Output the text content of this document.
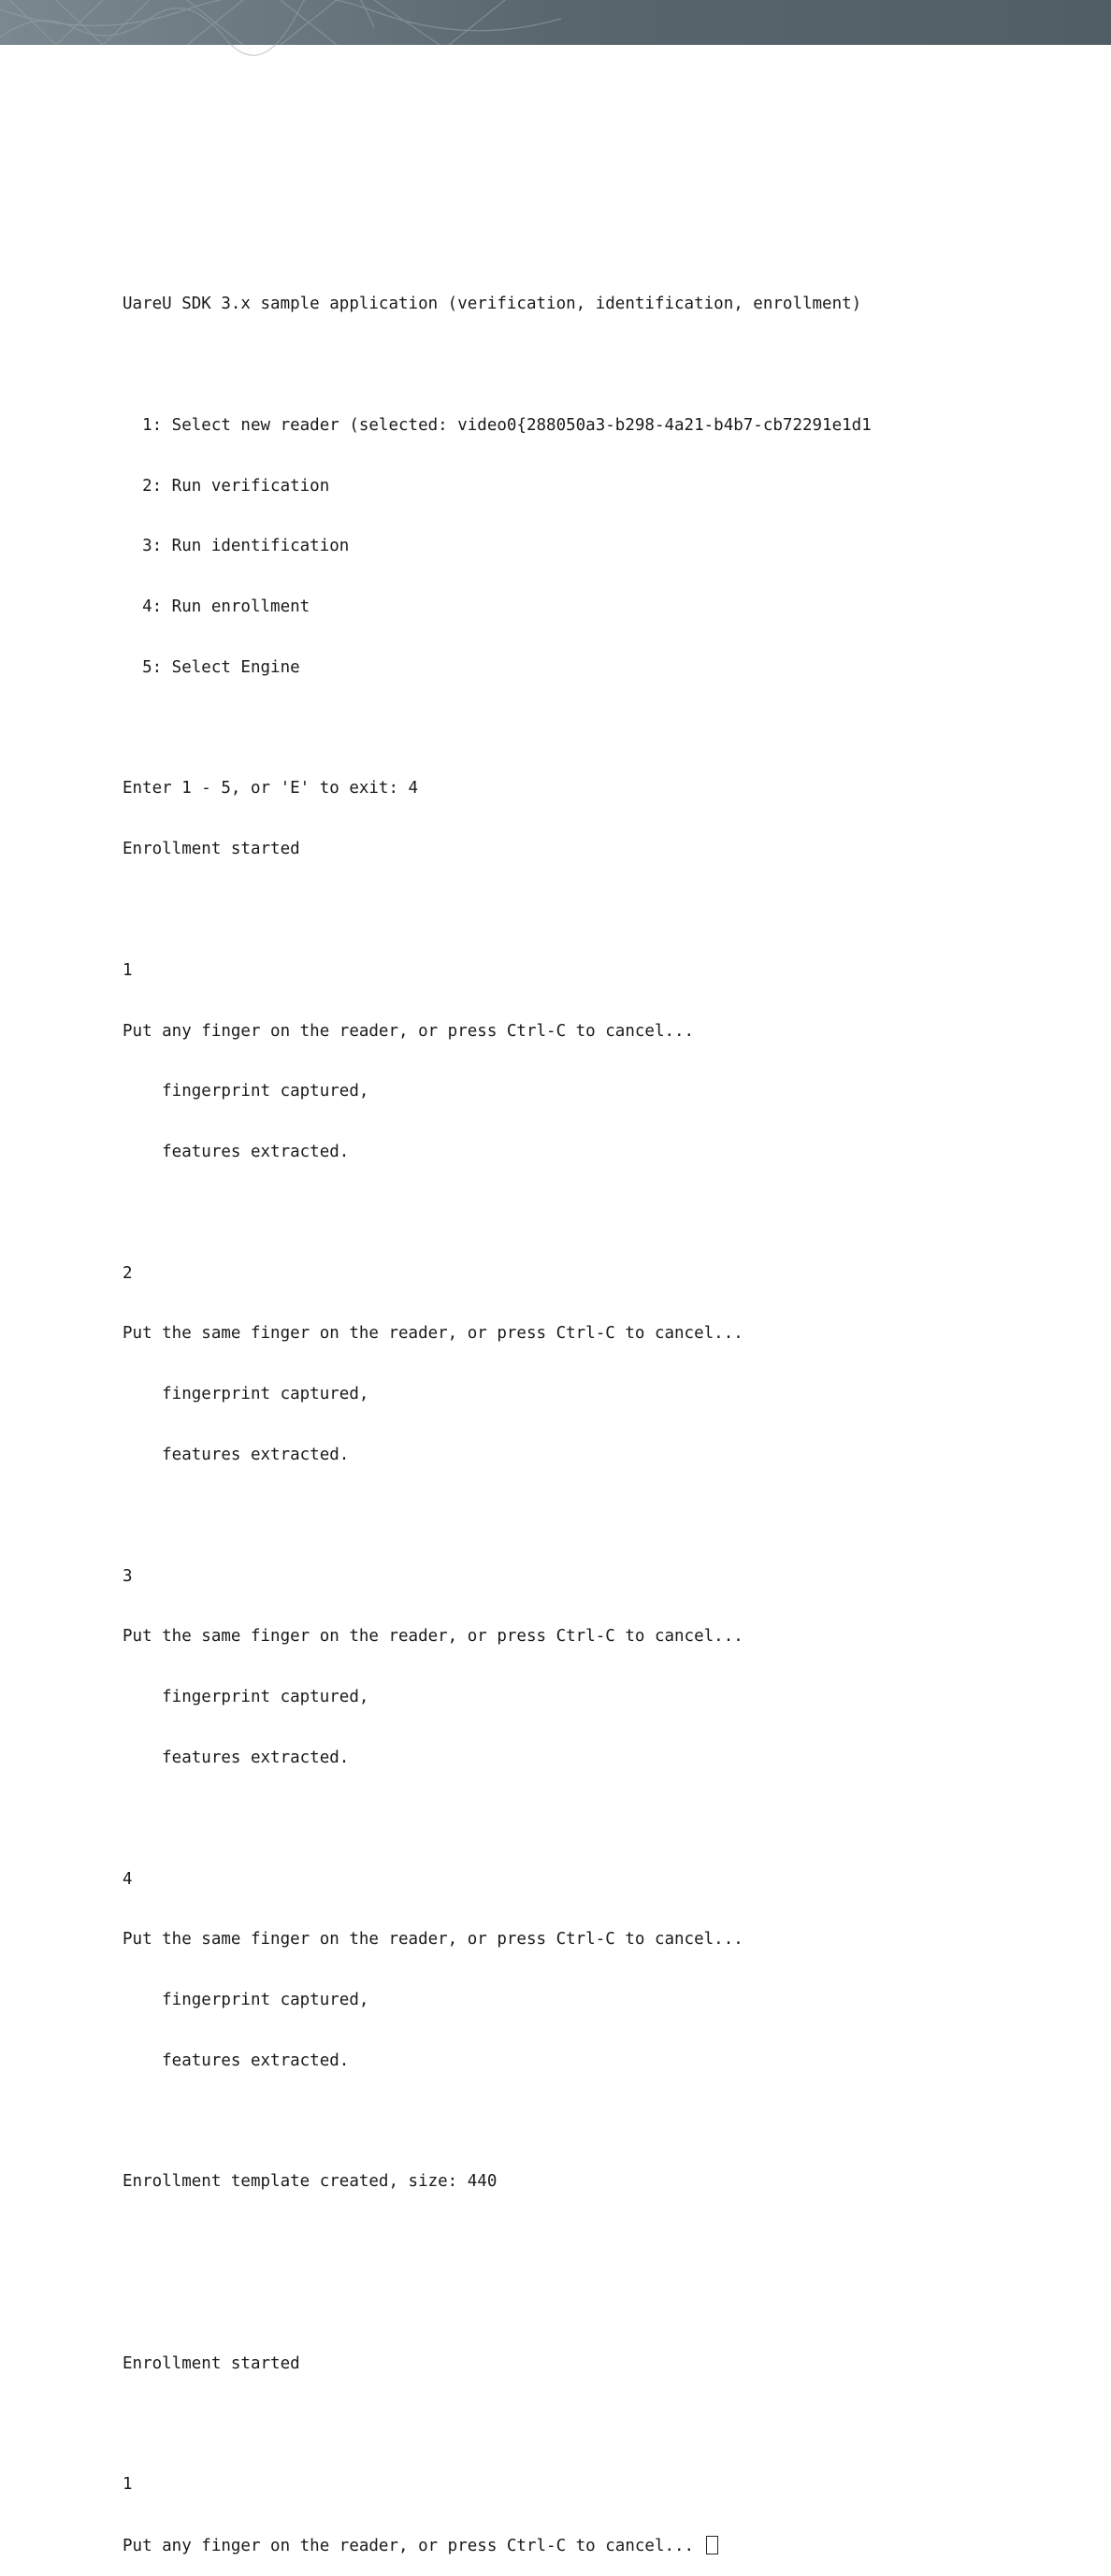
UareU SDK 3.x sample application (verification, identification, enrollment)

1: Select new reader (selected: video0{288050a3-b298-4a21-b4b7-cb72291e1d1

2: Run verification

3: Run identification

4: Run enrollment

5: Select Engine

Enter 1 - 5, or 'E' to exit: 4

Enrollment started

1

Put any finger on the reader, or press Ctrl-C to cancel...

fingerprint captured,

features extracted.

2

Put the same finger on the reader, or press Ctrl-C to cancel...

fingerprint captured,

features extracted.

3

Put the same finger on the reader, or press Ctrl-C to cancel...

fingerprint captured,

features extracted.

4

Put the same finger on the reader, or press Ctrl-C to cancel...

fingerprint captured,

features extracted.

Enrollment template created, size: 440

Enrollment started

1

Put any finger on the reader, or press Ctrl-C to cancel...
